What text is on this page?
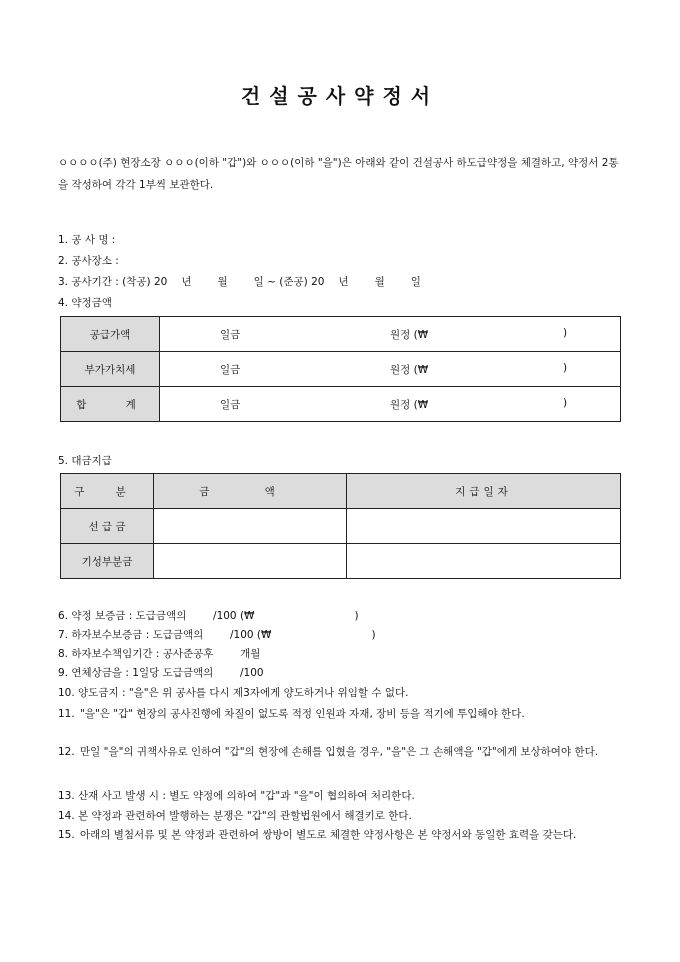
건설공사약정서

ㅇㅇㅇㅇ(주) 현장소장 ㅇㅇㅇ(이하 "갑")와 ㅇㅇㅇ(이하 "을")은 아래와 같이 건설공사 하도급약정을 체결하고, 약정서 2통을 작성하여 각각 1부씩 보관한다.

1. 공 사 명 :
2. 공사장소 :
3. 공사기간 : (착공) 20 년 월 일 ~ (준공) 20 년 월 일
4. 약정금액
공급가액	일금 원정 (₩ )

부가가치세	일금 원정 (₩ )

합 계	일금 원정 (₩ )
5. 대금지급
구 분	금 액	지급일자
선 급 금		
기성부분금		
6. 약정 보증금 : 도급금액의        /100 (₩                              )
7. 하자보수보증금 : 도급금액의        /100 (₩                              )
8. 하자보수책임기간 : 공사준공후        개월
9. 연체상금을 : 1일당 도급금액의        /100
10. 양도금지 : "을"은 위 공사를 다시 제3자에게 양도하거나 위임할 수 없다.

11. "을"은 "갑" 현장의 공사진행에 차질이 없도록 적정 인원과 자재, 장비 등을 적기에 투입해야 한다.

12. 만일 "을"의 귀책사유로 인하여 "갑"의 현장에 손해를 입혔을 경우, "을"은 그 손해액을 "갑"에게 보상하여야 한다.

13. 산재 사고 발생 시 : 별도 약정에 의하여 "갑"과 "을"이 협의하여 처리한다.
14. 본 약정과 관련하여 발행하는 분쟁은 "갑"의 관할법원에서 해결키로 한다.

15. 아래의 별첨서류 및 본 약정과 관련하여 쌍방이 별도로 체결한 약정사항은 본 약정서와 동일한 효력을 갖는다.
